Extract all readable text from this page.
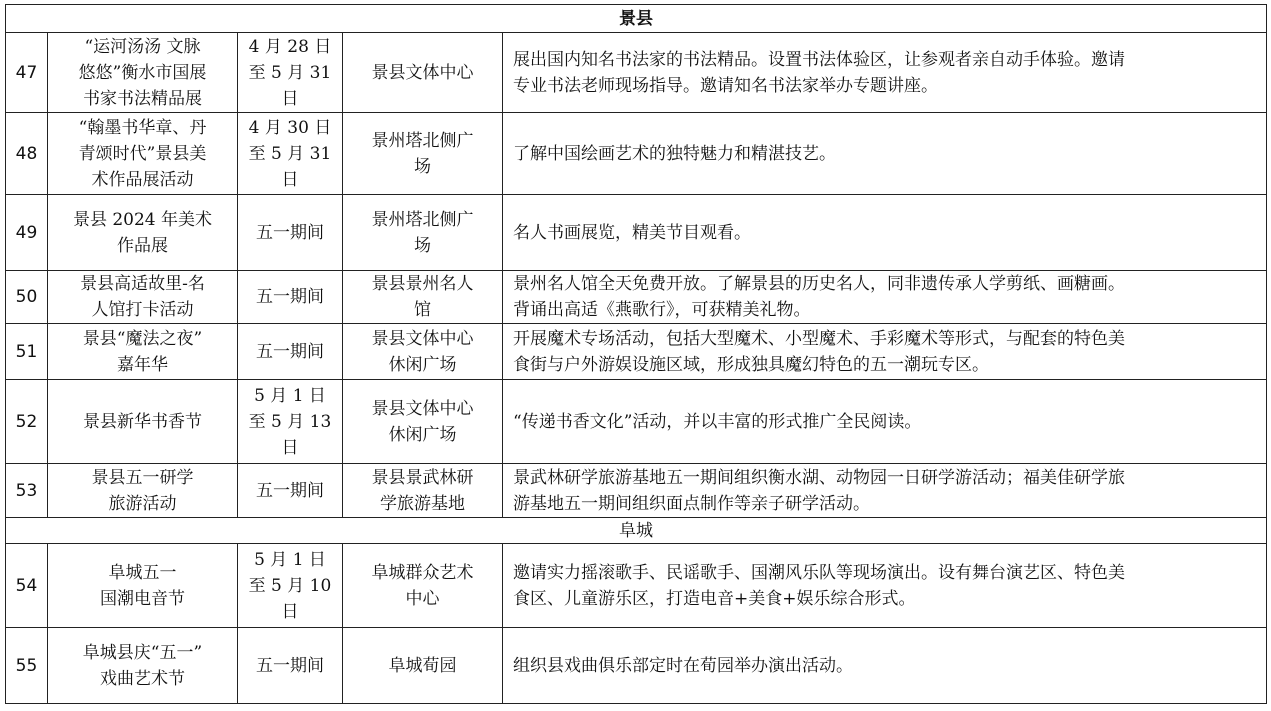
景县				
47	“运河汤汤 文脉
悠悠”衡水市国展
书家书法精品展	4 月 28 日
至 5 月 31
日	景县文体中心	展出国内知名书法家的书法精品。设置书法体验区，让参观者亲自动手体验。邀请
专业书法老师现场指导。邀请知名书法家举办专题讲座。

48	“翰墨书华章、丹
青颂时代”景县美
术作品展活动	4 月 30 日
至 5 月 31
日	景州塔北侧广
场	了解中国绘画艺术的独特魅力和精湛技艺。

49	景县 2024 年美术
作品展	五一期间	景州塔北侧广
场	名人书画展览，精美节目观看。

50	景县高适故里-名
人馆打卡活动	五一期间	景县景州名人
馆	景州名人馆全天免费开放。了解景县的历史名人，同非遗传承人学剪纸、画糖画。
背诵出高适《燕歌行》，可获精美礼物。

51	景县“魔法之夜”
嘉年华	五一期间	景县文体中心
休闲广场	开展魔术专场活动，包括大型魔术、小型魔术、手彩魔术等形式，与配套的特色美
食街与户外游娱设施区域，形成独具魔幻特色的五一潮玩专区。

52	景县新华书香节	5 月 1 日
至 5 月 13
日	景县文体中心
休闲广场	“传递书香文化”活动，并以丰富的形式推广全民阅读。

53	景县五一研学
旅游活动	五一期间	景县景武林研
学旅游基地	景武林研学旅游基地五一期间组织衡水湖、动物园一日研学游活动；福美佳研学旅
游基地五一期间组织面点制作等亲子研学活动。

阜城				
54	阜城五一
国潮电音节	5 月 1 日
至 5 月 10
日	阜城群众艺术
中心	邀请实力摇滚歌手、民谣歌手、国潮风乐队等现场演出。设有舞台演艺区、特色美
食区、儿童游乐区，打造电音+美食+娱乐综合形式。

55	阜城县庆“五一”
戏曲艺术节	五一期间	阜城荀园	组织县戏曲俱乐部定时在荀园举办演出活动。
